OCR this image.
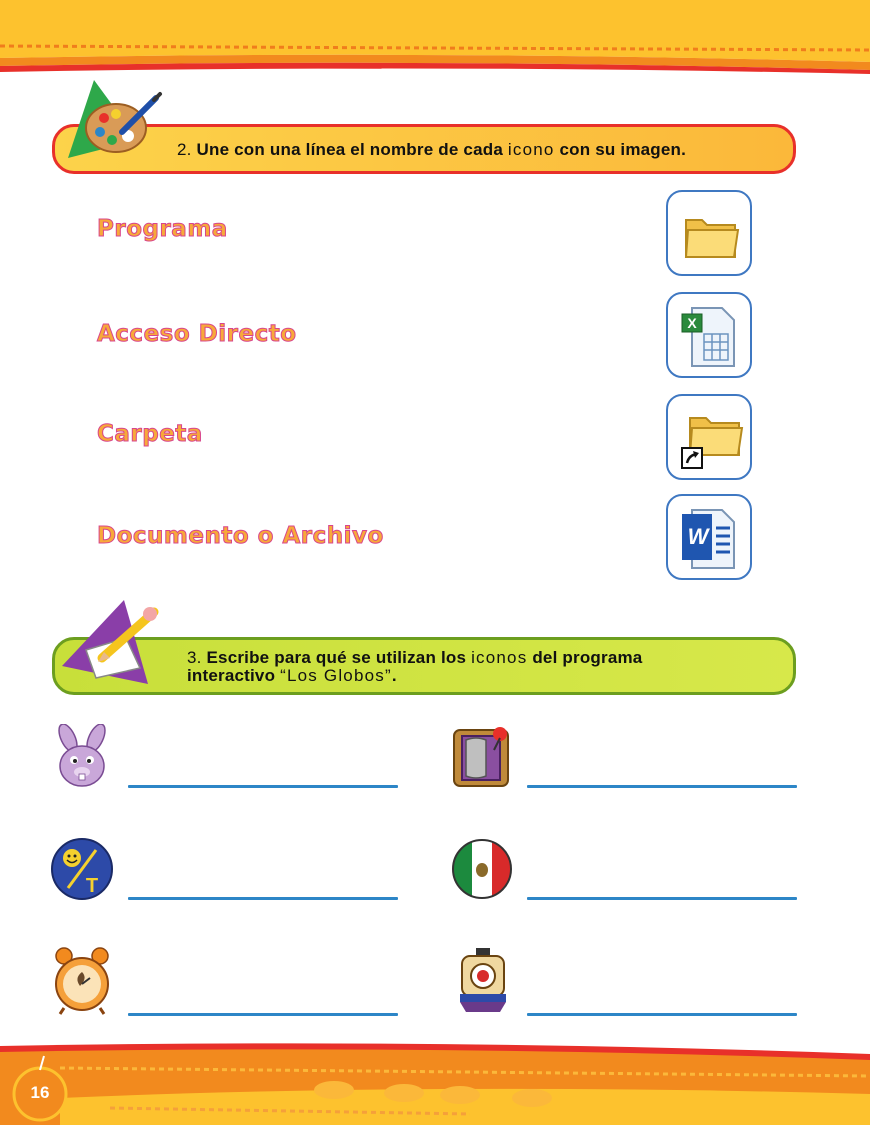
2. Une con una línea el nombre de cada icono con su imagen.
Programa
Acceso Directo
Carpeta
Documento o Archivo
X
W
3. Escribe para qué se utilizan los iconos del programa
interactivo “Los Globos”.
T
16
